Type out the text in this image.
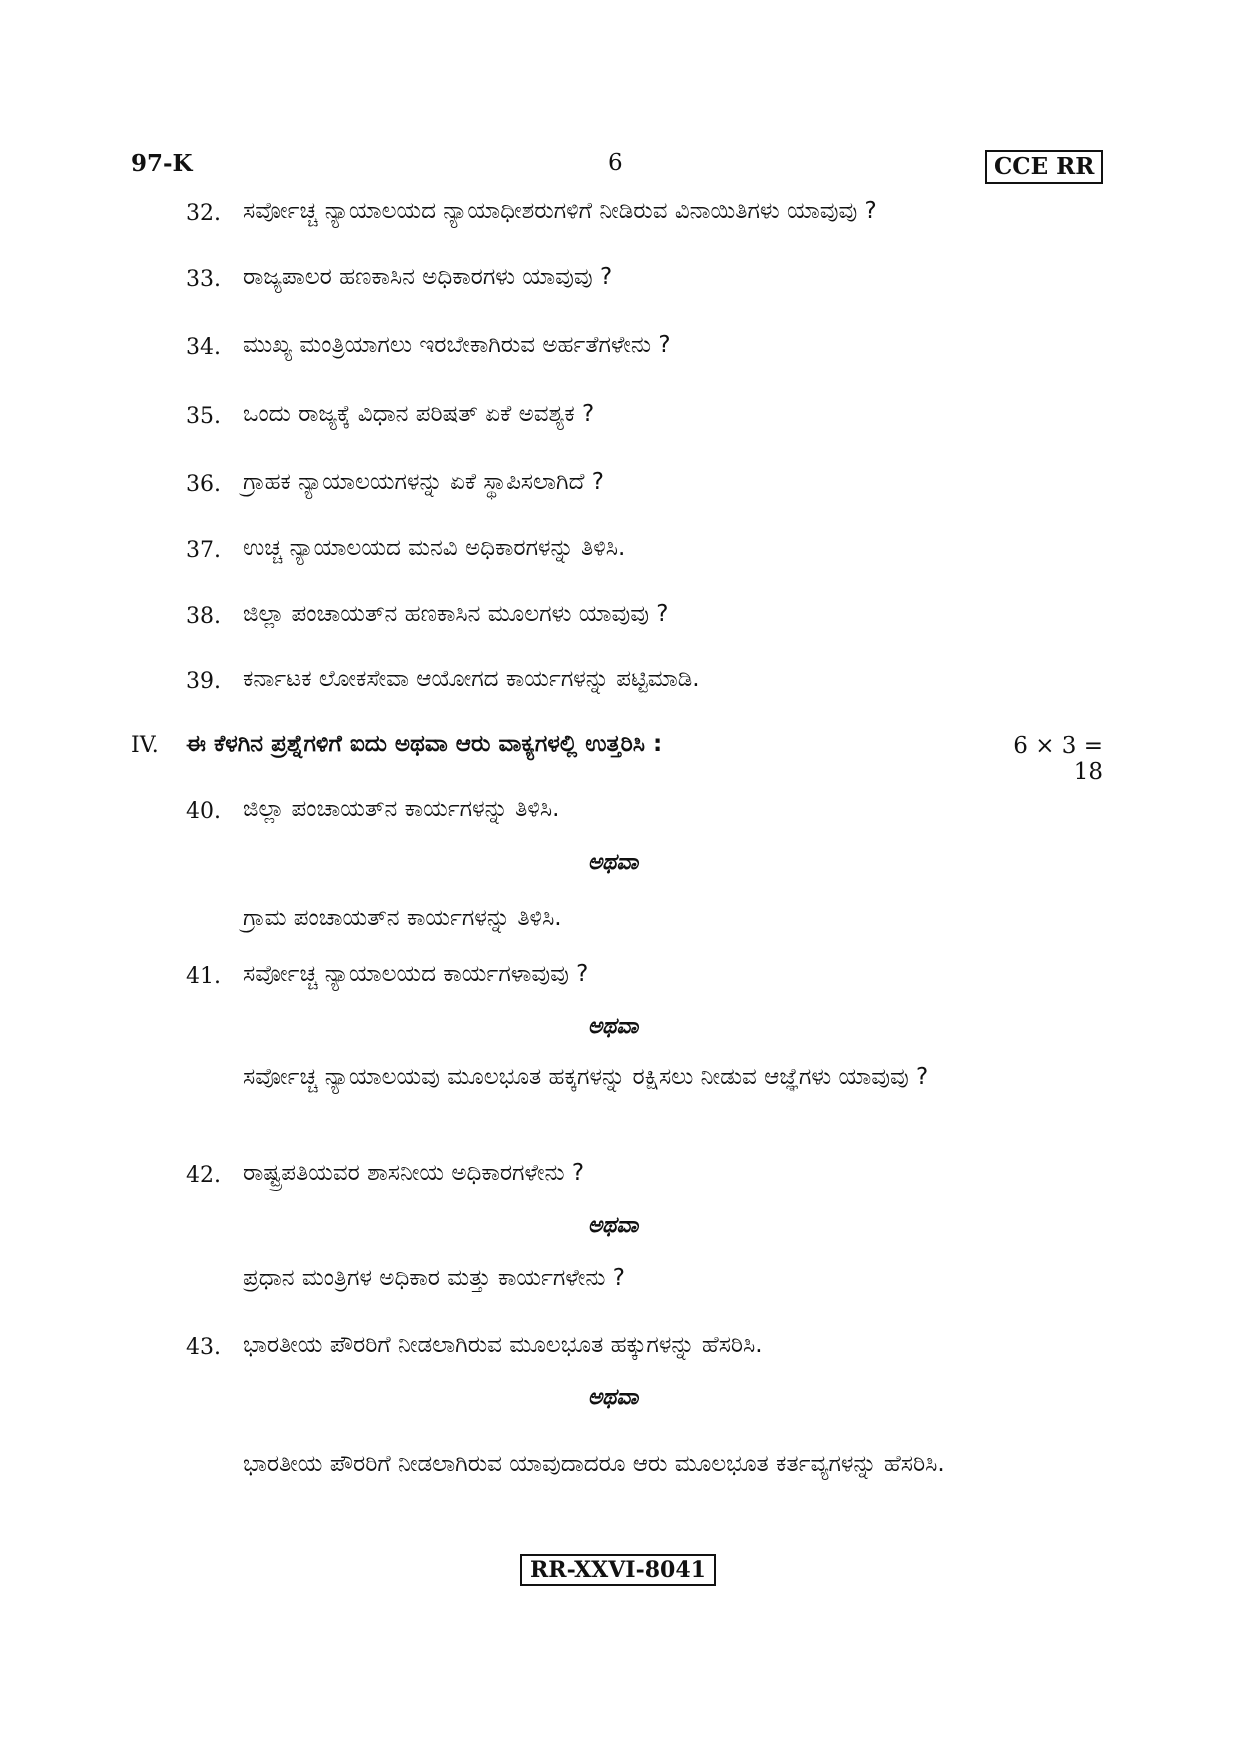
97-K	6	CCE RR
32. ಸರ್ವೋಚ್ಚ ನ್ಯಾಯಾಲಯದ ನ್ಯಾಯಾಧೀಶರುಗಳಿಗೆ ನೀಡಿರುವ ವಿನಾಯಿತಿಗಳು ಯಾವುವು ?
33. ರಾಜ್ಯಪಾಲರ ಹಣಕಾಸಿನ ಅಧಿಕಾರಗಳು ಯಾವುವು ?
34. ಮುಖ್ಯ ಮಂತ್ರಿಯಾಗಲು ಇರಬೇಕಾಗಿರುವ ಅರ್ಹತೆಗಳೇನು ?
35. ಒಂದು ರಾಜ್ಯಕ್ಕೆ ವಿಧಾನ ಪರಿಷತ್ ಏಕೆ ಅವಶ್ಯಕ ?
36. ಗ್ರಾಹಕ ನ್ಯಾಯಾಲಯಗಳನ್ನು ಏಕೆ ಸ್ಥಾಪಿಸಲಾಗಿದೆ ?
37. ಉಚ್ಚ ನ್ಯಾಯಾಲಯದ ಮನವಿ ಅಧಿಕಾರಗಳನ್ನು ತಿಳಿಸಿ.
38. ಜಿಲ್ಲಾ ಪಂಚಾಯತ್‌ನ ಹಣಕಾಸಿನ ಮೂಲಗಳು ಯಾವುವು ?
39. ಕರ್ನಾಟಕ ಲೋಕಸೇವಾ ಆಯೋಗದ ಕಾರ್ಯಗಳನ್ನು ಪಟ್ಟಿಮಾಡಿ.
IV. ಈ ಕೆಳಗಿನ ಪ್ರಶ್ನೆಗಳಿಗೆ ಐದು ಅಥವಾ ಆರು ವಾಕ್ಯಗಳಲ್ಲಿ ಉತ್ತರಿಸಿ :	6 × 3 = 18
40. ಜಿಲ್ಲಾ ಪಂಚಾಯತ್‌ನ ಕಾರ್ಯಗಳನ್ನು ತಿಳಿಸಿ.
ಅಥವಾ
ಗ್ರಾಮ ಪಂಚಾಯತ್‌ನ ಕಾರ್ಯಗಳನ್ನು ತಿಳಿಸಿ.
41. ಸರ್ವೋಚ್ಚ ನ್ಯಾಯಾಲಯದ ಕಾರ್ಯಗಳಾವುವು ?
ಅಥವಾ
ಸರ್ವೋಚ್ಚ ನ್ಯಾಯಾಲಯವು ಮೂಲಭೂತ ಹಕ್ಕಗಳನ್ನು ರಕ್ಷಿಸಲು ನೀಡುವ ಆಜ್ಞೆಗಳು ಯಾವುವು ?
42. ರಾಷ್ಟ್ರಪತಿಯವರ ಶಾಸನೀಯ ಅಧಿಕಾರಗಳೇನು ?
ಅಥವಾ
ಪ್ರಧಾನ ಮಂತ್ರಿಗಳ ಅಧಿಕಾರ ಮತ್ತು ಕಾರ್ಯಗಳೇನು ?
43. ಭಾರತೀಯ ಪೌರರಿಗೆ ನೀಡಲಾಗಿರುವ ಮೂಲಭೂತ ಹಕ್ಕುಗಳನ್ನು ಹೆಸರಿಸಿ.
ಅಥವಾ
ಭಾರತೀಯ ಪೌರರಿಗೆ ನೀಡಲಾಗಿರುವ ಯಾವುದಾದರೂ ಆರು ಮೂಲಭೂತ ಕರ್ತವ್ಯಗಳನ್ನು ಹೆಸರಿಸಿ.
RR-XXVI-8041
